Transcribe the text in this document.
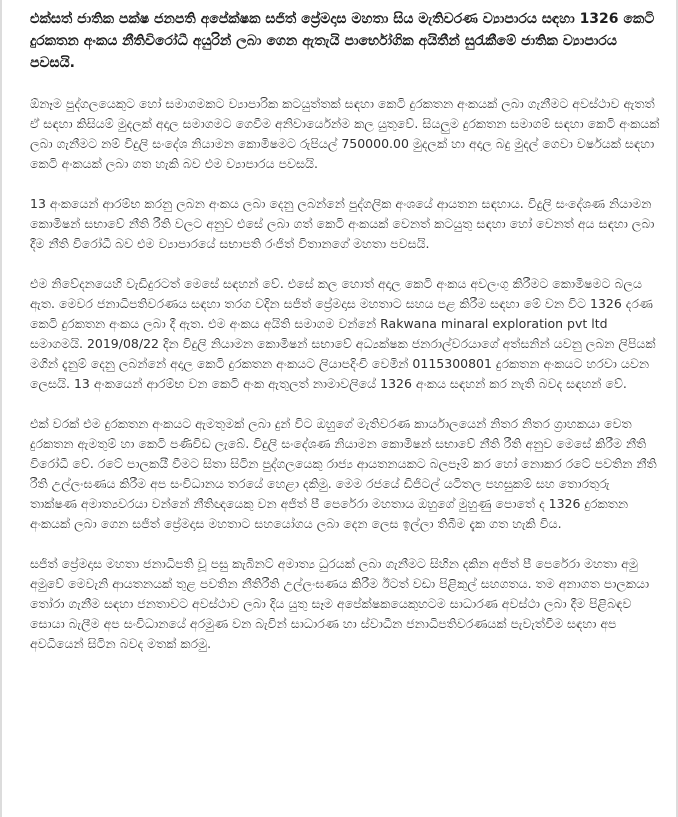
එක්සත් ජාතික පක්ෂ ජනපති අපේක්ෂක සජිත් ප්‍රේමදාස මහතා සිය මැතිවරණ ව්‍යාපාරය සඳහා 1326 කෙටි දුරකතන අංකය නීතිවිරෝධී අයුරින් ලබා ගෙන ඇතැයි පාර්භෝගික අයිතීන් සුරැකීමේ ජාතික ව්‍යාපාරය පවසයි.

ඕනෑම පුද්ගලයෙකුට හෝ සමාගමකට ව්‍යාපාරික කටයුත්තක් සඳහා කෙටි දුරකතන අංකයක් ලබා ගැනීමට අවස්ථාව ඇතත් ඒ සඳහා කිසියම් මුදලක් අදාල සමාගමට ගෙවීම අනිවාර්යෙන්ම කල යුතුවේ. සියලුම දුරකතන සමාගම් සඳහා කෙටි අංකයක් ලබා ගැනීමට නම් විදුලි සංදේශ නියාමන කොමිෂමට රුපියල් 750000.00 මුදලක් හා අදාල බදු මුදල් ගෙවා වර්ෂයක් සඳහා කෙටි අංකයක් ලබා ගත හැකි බව එම ව්‍යාපාරය පවසයි.

13 අංකයෙන් ආරම්භ කරනු ලබන අංකය ලබා දෙනු ලබන්නේ පුද්ගලික අංශයේ ආයතන සඳහාය. විදුලි සංදේශණ නියාමන කොමිෂන් සභාවේ නීති රීති වලට අනුව එසේ ලබා ගත් කෙටි අංකයක් වෙනත් කටයුතු සඳහා හෝ වෙනත් අය සඳහා ලබා දීම නීති විරෝධී බව එම ව්‍යාපාරයේ සභාපති රංජිත් විතානගේ මහතා පවසයි.

එම නිවේදනයෙහි වැඩිදුරටත් මෙසේ සඳහන් වේ. එසේ කල හොත් අදාල කෙටි අංකය අවලංගු කිරීමට කොමිෂමට බලය ඇත. මෙවර ජනාධිපතිවරණය සඳහා තරග වදින සජිත් ප්‍රේමදාස මහතාට සහය පළ කිරීම සඳහා මේ වන විට 1326 දරණ කෙටි දුරකතන අංකය ලබා දී ඇත. එම අංකය අයිති සමාගම වන්නේ Rakwana minaral exploration pvt ltd සමාගමයි. 2019/08/22 දින විදුලි නියාමන කොමිෂන් සභාවේ අධ්‍යක්ෂක ජනරාල්වරයාගේ අත්සනින් යවනු ලබන ලිපියක් මගින් දැනුම් දෙනු ලබන්නේ අදාල කෙටි දුරකතන අංකයට ලියාපදිංචි වෙමින් 0115300801 දුරකතන අංකයට හරවා යවන ලෙසයි. 13 අංකයෙන් ආරම්භ වන කෙටි අංක ඇතුලත් නාමාවලියේ 1326 අංකය සඳහන් කර නැති බවද සඳහන් වේ.

එක් වරක් එම දුරකතන අංකයට ඇමතුමක් ලබා දුන් විට ඔහුගේ මැතිවරණ කාර්යාලයෙන් නිතර නිතර ග්‍රාහකයා වෙත දුරකතන ඇමතුම් හා කෙටි පණිවිඩ ලැබේ. විදුලි සංදේශණ නියාමන කොමිෂන් සභාවේ නීති රීති අනුව මෙසේ කිරීම නීති විරෝධී වේ. රටේ පාලකයී වීමට සිතා සිටින පුද්ගලයෙකු රාජ්‍ය ආයතනයකට බලපෑම් කර හෝ නොකර රටේ පවතින නීති රීති උල්ලංඝණය කිරීම අප සංවිධානය තරයේ හෙළා දකිමු. මෙම රජයේ ඩිජිටල් යටිතල පහසුකම් සහ තොරතුරු තාක්ෂණ අමාත්‍යවරයා වන්නේ නීතිඥයෙකු වන අජිත් පී පෙරේරා මහතාය ඔහුගේ මුහුණු පොතේ ද 1326 දුරකතන අංකයක් ලබා ගෙන සජිත් ප්‍රේමදාස මහතාට සහයෝගය ලබා දෙන ලෙස ඉල්ලා තිබීම දැක ගත හැකි විය.

සජිත් ප්‍රේමදාස මහතා ජනාධිපති වූ පසු කැබිනට් අමාත්‍ය ධුරයක් ලබා ගැනීමට සිහින දකින අජිත් පී පෙරේරා මහතා අමු අමුවේ මෙවැනි ආයතනයක් තුළ පවතින නීතිරීති උල්ලංඝණය කිරීම ඊටත් වඩා පිළිකුල් සහගතය. තම අනාගත පාලකයා තෝරා ගැනීම සඳහා ජනතාවට අවස්ථාව ලබා දිය යුතු සෑම අපේක්ෂකයෙකුහටම සාධාරණ අවස්ථා ලබා දීම පිළිබඳව සොයා බැලීම අප සංවිධානයේ අරමුණ වන බැවින් සාධාරණ හා ස්වාධීන ජනාධිපතිවරණයක් පැවැත්වීම සඳහා අප අවධියෙන් සිටින බවද මතක් කරමු.
